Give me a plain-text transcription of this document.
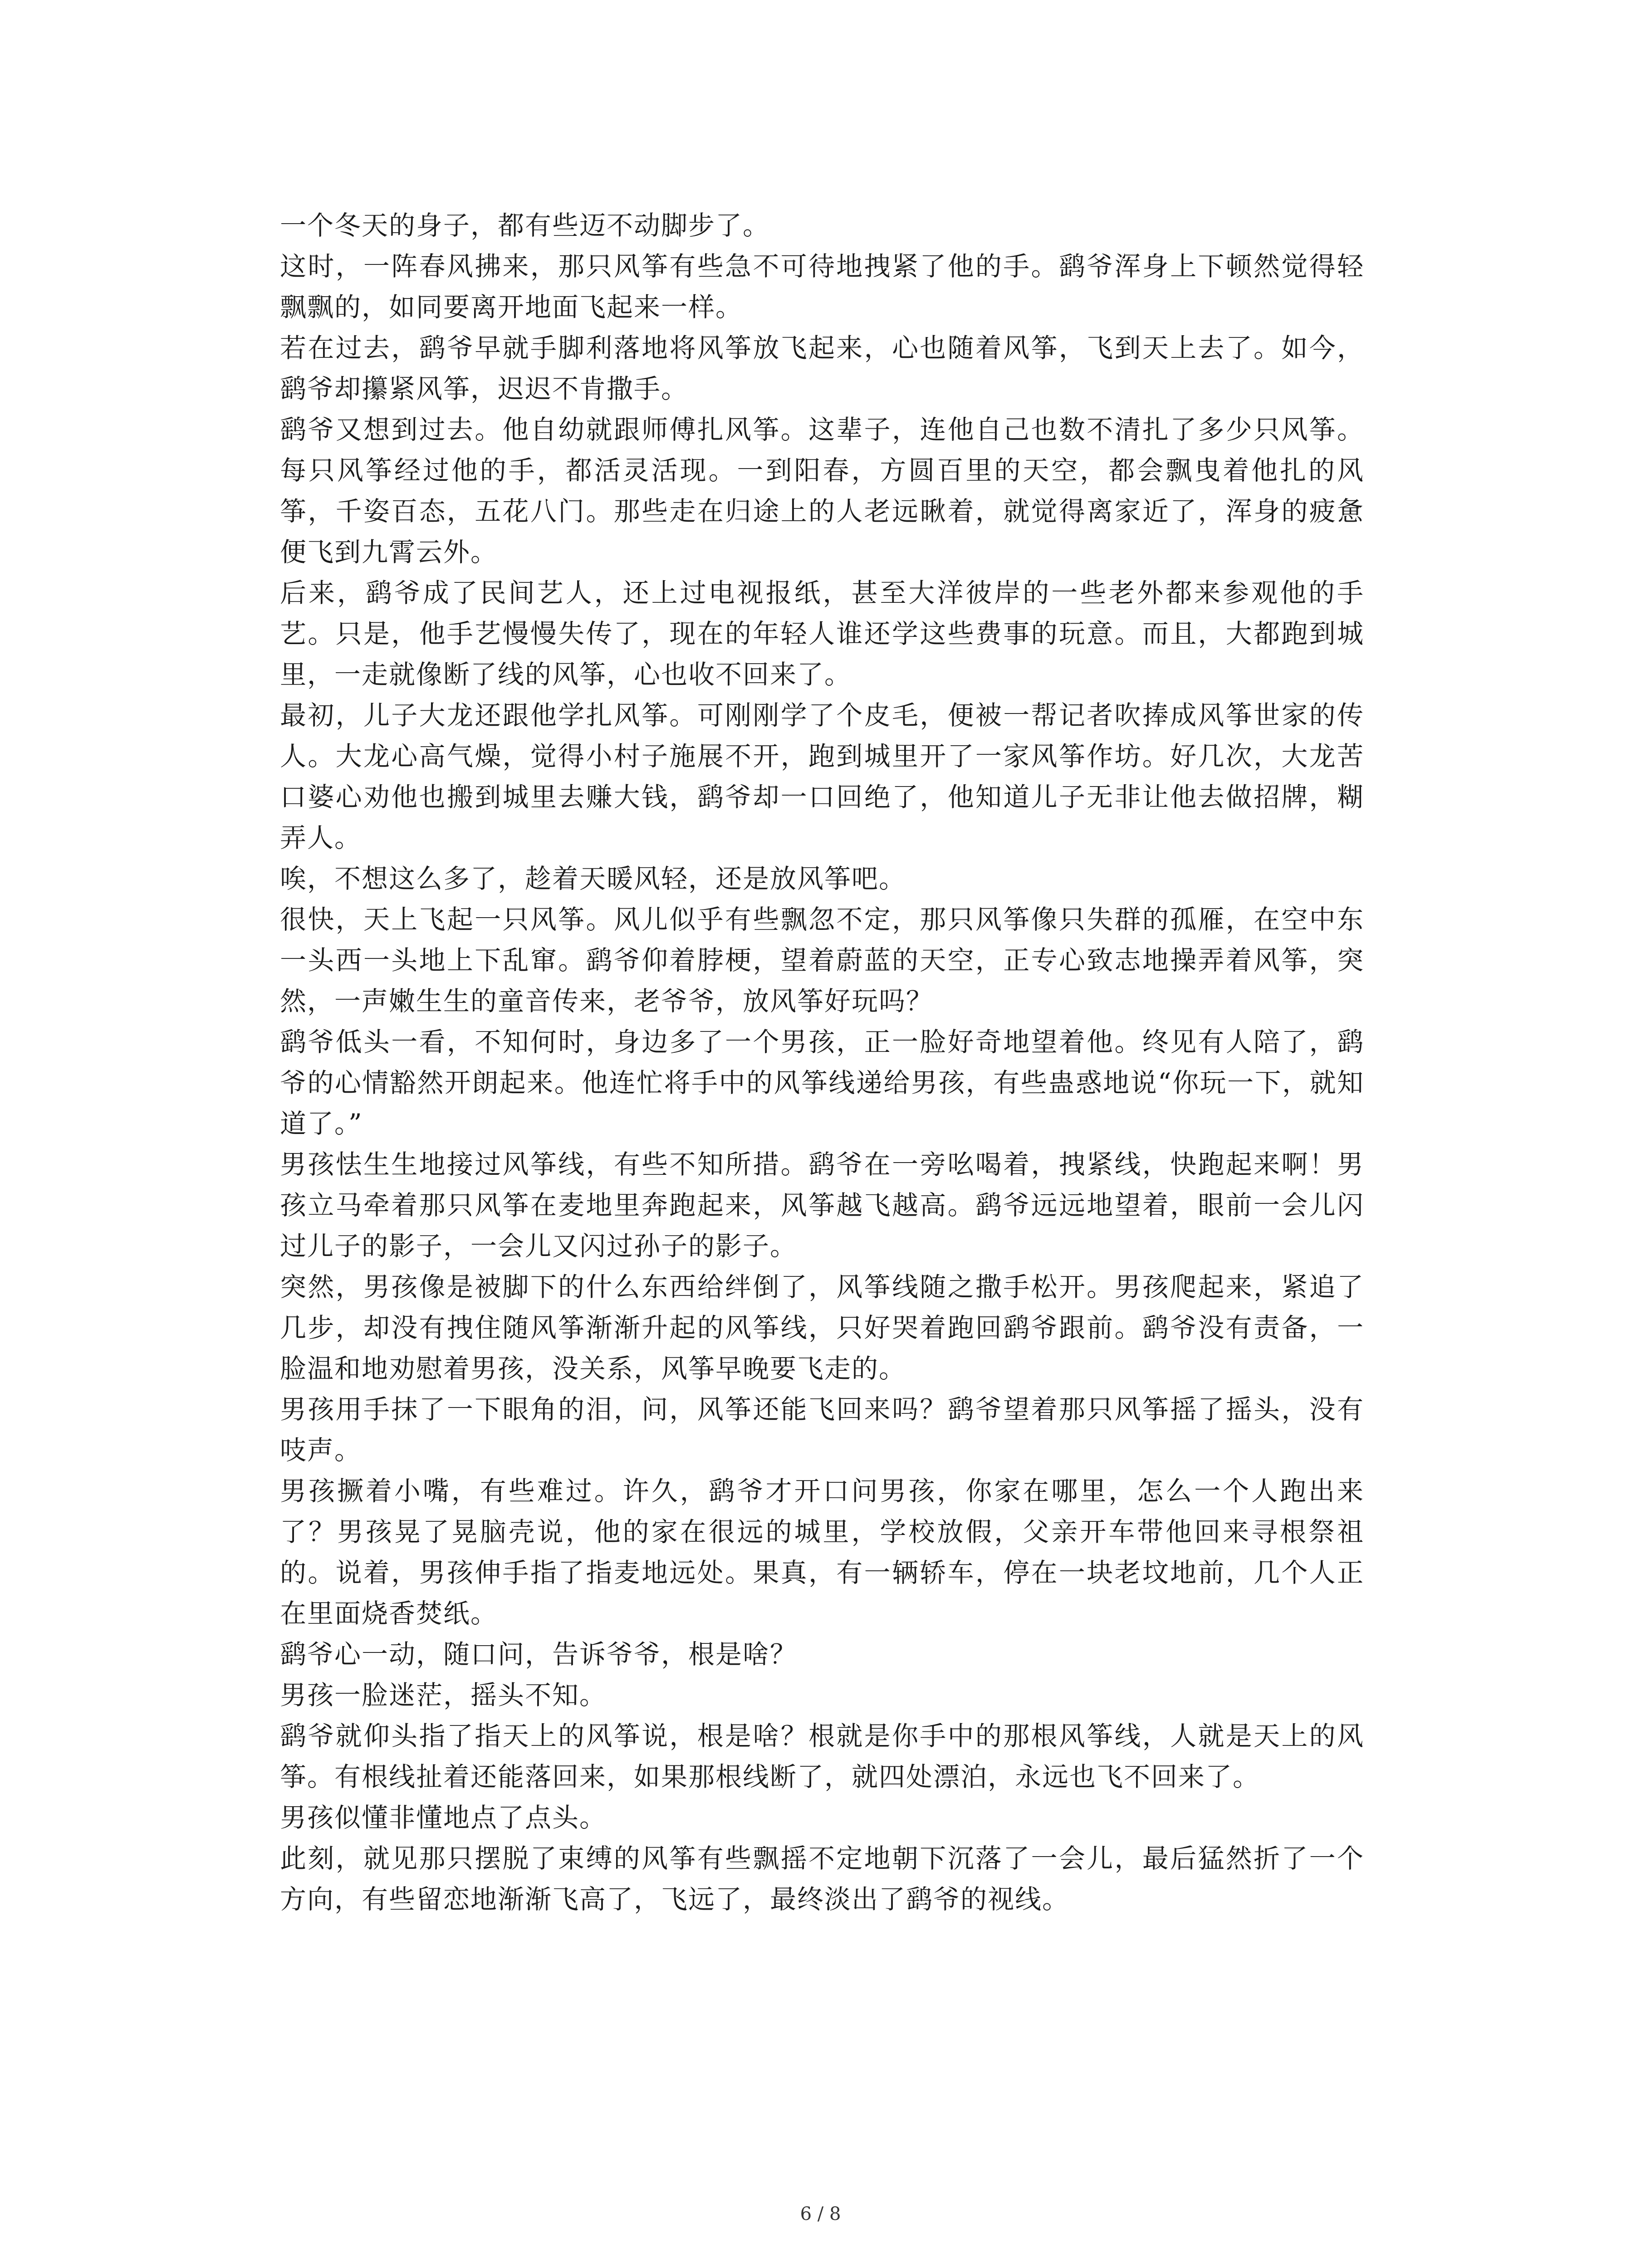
一个冬天的身子，都有些迈不动脚步了。

这时，一阵春风拂来，那只风筝有些急不可待地拽紧了他的手。鹞爷浑身上下顿然觉得轻飘飘的，如同要离开地面飞起来一样。

若在过去，鹞爷早就手脚利落地将风筝放飞起来，心也随着风筝，飞到天上去了。如今，鹞爷却攥紧风筝，迟迟不肯撒手。

鹞爷又想到过去。他自幼就跟师傅扎风筝。这辈子，连他自己也数不清扎了多少只风筝。每只风筝经过他的手，都活灵活现。一到阳春，方圆百里的天空，都会飘曳着他扎的风筝，千姿百态，五花八门。那些走在归途上的人老远瞅着，就觉得离家近了，浑身的疲惫便飞到九霄云外。

后来，鹞爷成了民间艺人，还上过电视报纸，甚至大洋彼岸的一些老外都来参观他的手艺。只是，他手艺慢慢失传了，现在的年轻人谁还学这些费事的玩意。而且，大都跑到城里，一走就像断了线的风筝，心也收不回来了。

最初，儿子大龙还跟他学扎风筝。可刚刚学了个皮毛，便被一帮记者吹捧成风筝世家的传人。大龙心高气燥，觉得小村子施展不开，跑到城里开了一家风筝作坊。好几次，大龙苦口婆心劝他也搬到城里去赚大钱，鹞爷却一口回绝了，他知道儿子无非让他去做招牌，糊弄人。

唉，不想这么多了，趁着天暖风轻，还是放风筝吧。

很快，天上飞起一只风筝。风儿似乎有些飘忽不定，那只风筝像只失群的孤雁，在空中东一头西一头地上下乱窜。鹞爷仰着脖梗，望着蔚蓝的天空，正专心致志地操弄着风筝，突然，一声嫩生生的童音传来，老爷爷，放风筝好玩吗？

鹞爷低头一看，不知何时，身边多了一个男孩，正一脸好奇地望着他。终见有人陪了，鹞爷的心情豁然开朗起来。他连忙将手中的风筝线递给男孩，有些蛊惑地说“你玩一下，就知道了。”

男孩怯生生地接过风筝线，有些不知所措。鹞爷在一旁吆喝着，拽紧线，快跑起来啊！男孩立马牵着那只风筝在麦地里奔跑起来，风筝越飞越高。鹞爷远远地望着，眼前一会儿闪过儿子的影子，一会儿又闪过孙子的影子。

突然，男孩像是被脚下的什么东西给绊倒了，风筝线随之撒手松开。男孩爬起来，紧追了几步，却没有拽住随风筝渐渐升起的风筝线，只好哭着跑回鹞爷跟前。鹞爷没有责备，一脸温和地劝慰着男孩，没关系，风筝早晚要飞走的。

男孩用手抹了一下眼角的泪，问，风筝还能飞回来吗？鹞爷望着那只风筝摇了摇头，没有吱声。

男孩撅着小嘴，有些难过。许久，鹞爷才开口问男孩，你家在哪里，怎么一个人跑出来了？男孩晃了晃脑壳说，他的家在很远的城里，学校放假，父亲开车带他回来寻根祭祖的。说着，男孩伸手指了指麦地远处。果真，有一辆轿车，停在一块老坟地前，几个人正在里面烧香焚纸。

鹞爷心一动，随口问，告诉爷爷，根是啥？

男孩一脸迷茫，摇头不知。

鹞爷就仰头指了指天上的风筝说，根是啥？根就是你手中的那根风筝线，人就是天上的风筝。有根线扯着还能落回来，如果那根线断了，就四处漂泊，永远也飞不回来了。

男孩似懂非懂地点了点头。

此刻，就见那只摆脱了束缚的风筝有些飘摇不定地朝下沉落了一会儿，最后猛然折了一个方向，有些留恋地渐渐飞高了，飞远了，最终淡出了鹞爷的视线。

6 / 8
